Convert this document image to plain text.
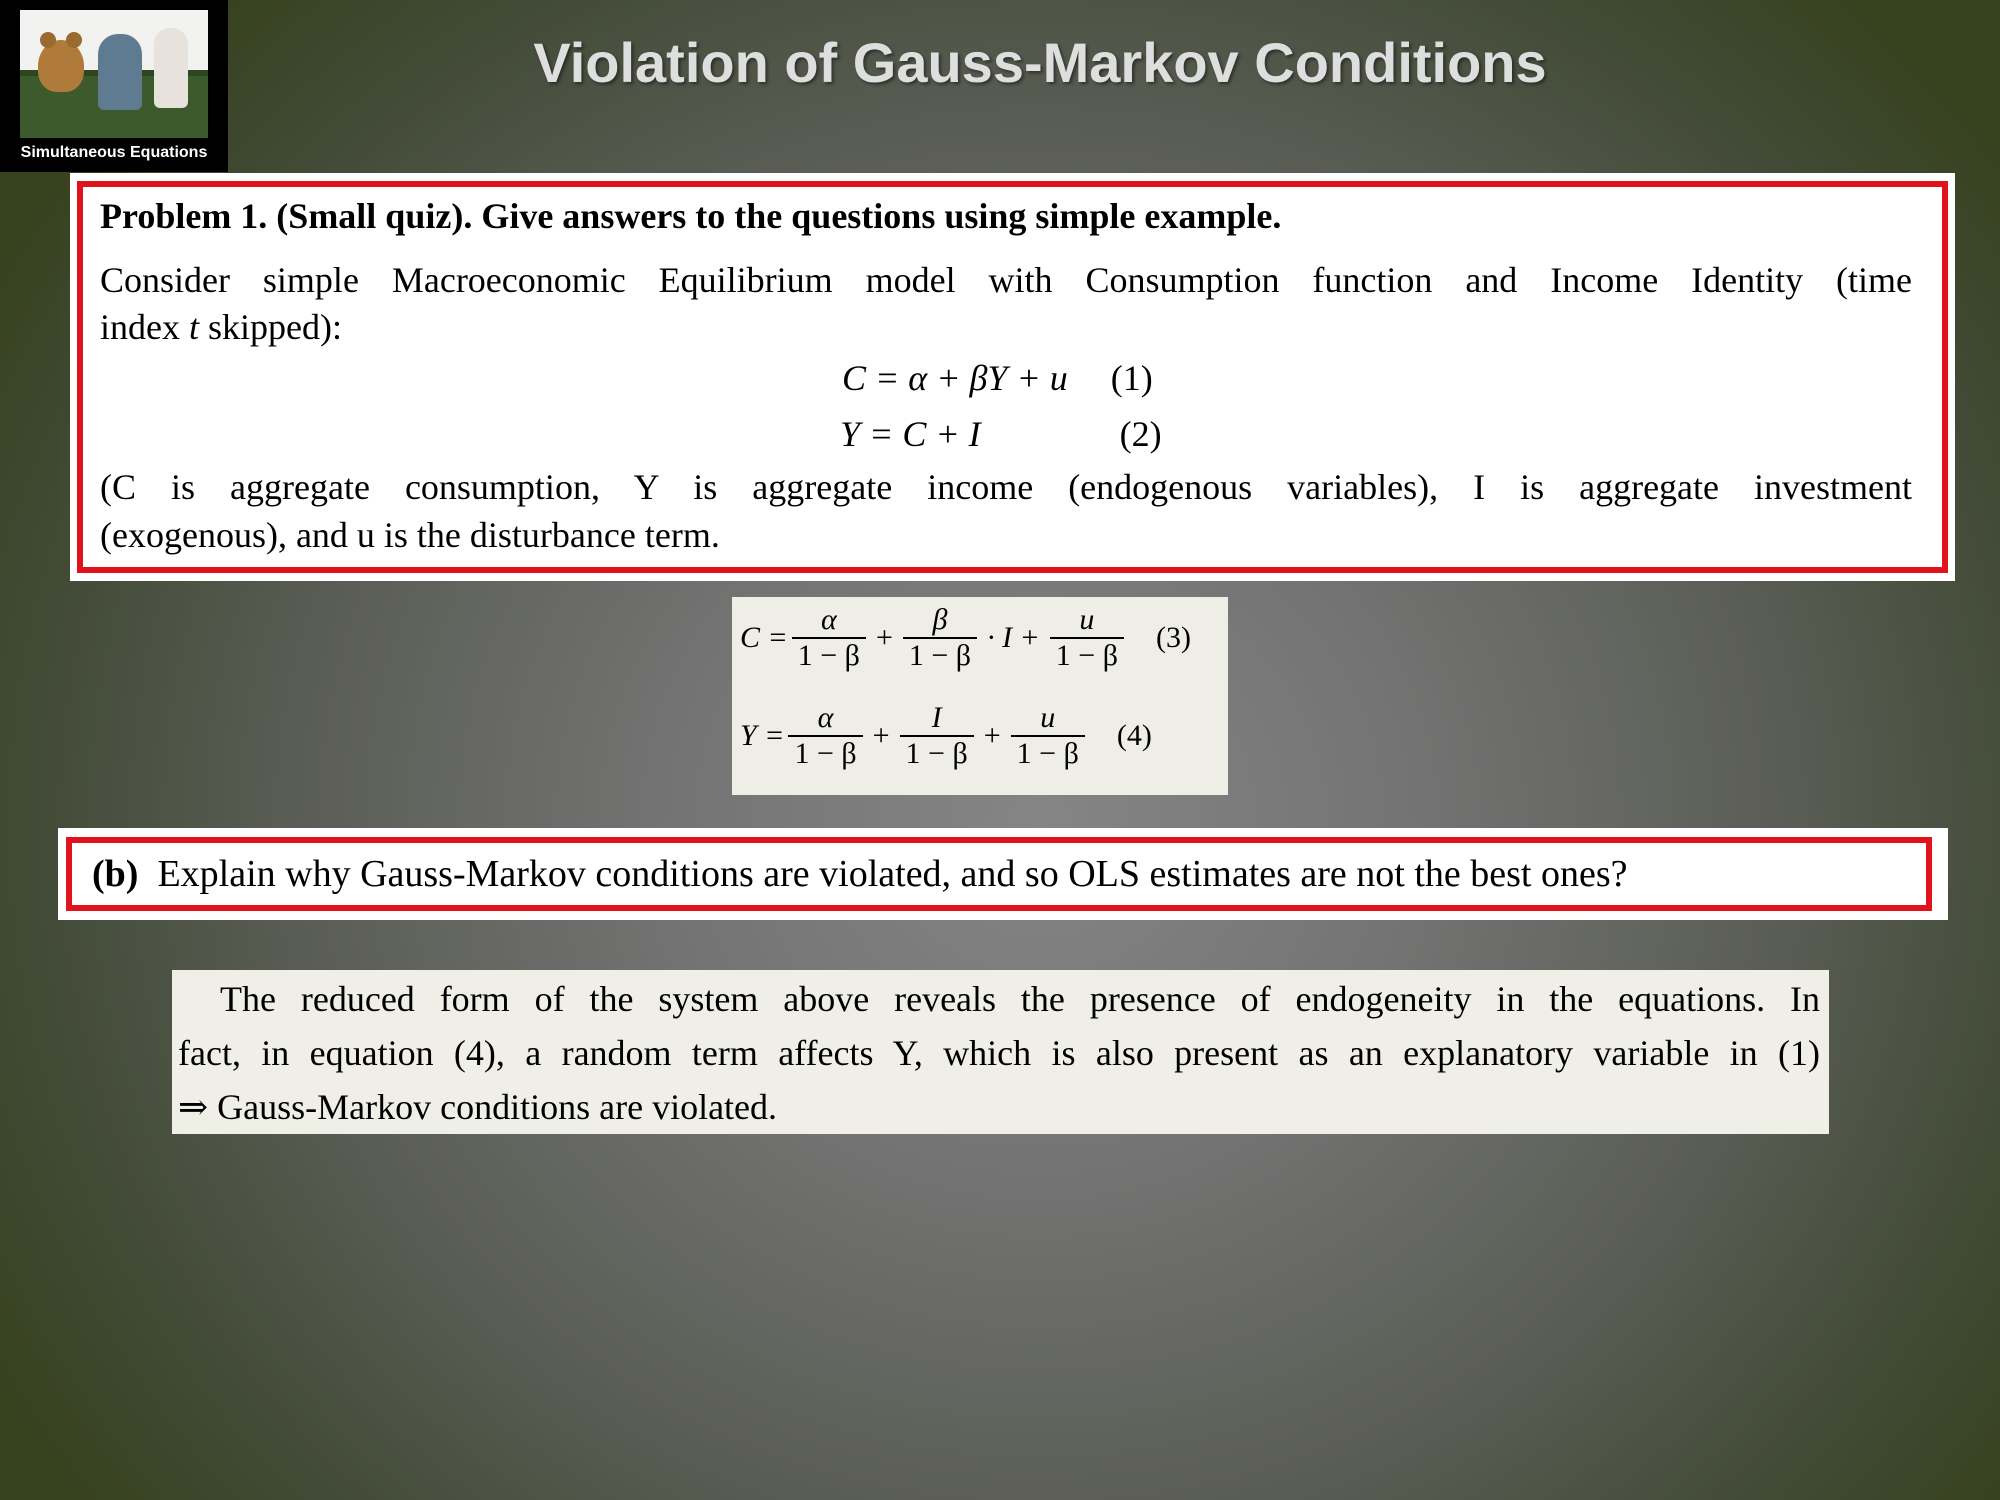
Simultaneous Equations
Violation of Gauss-Markov Conditions
Problem 1. (Small quiz). Give answers to the questions using simple example.
Consider simple Macroeconomic Equilibrium model with Consumption function and Income Identity (time
index t skipped):
C = α + βY + u (1)
Y = C + I	(2)
(C is aggregate consumption, Y is aggregate income (endogenous variables), I is aggregate investment
(exogenous), and u is the disturbance term.
$C = \frac{\alpha}{1 - \beta} + \frac{\beta}{1 - \beta} \cdot I + \frac{u}{1 - \beta} (3)$
$Y = \frac{\alpha}{1 - \beta} + \frac{I}{1 - \beta} + \frac{u}{1 - \beta} (4)$
(b) Explain why Gauss-Markov conditions are violated, and so OLS estimates are not the best ones?
The reduced form of the system above reveals the presence of endogeneity in the equations. In
fact, in equation (4), a random term affects Y, which is also present as an explanatory variable in (1)
⇒ Gauss-Markov conditions are violated.
